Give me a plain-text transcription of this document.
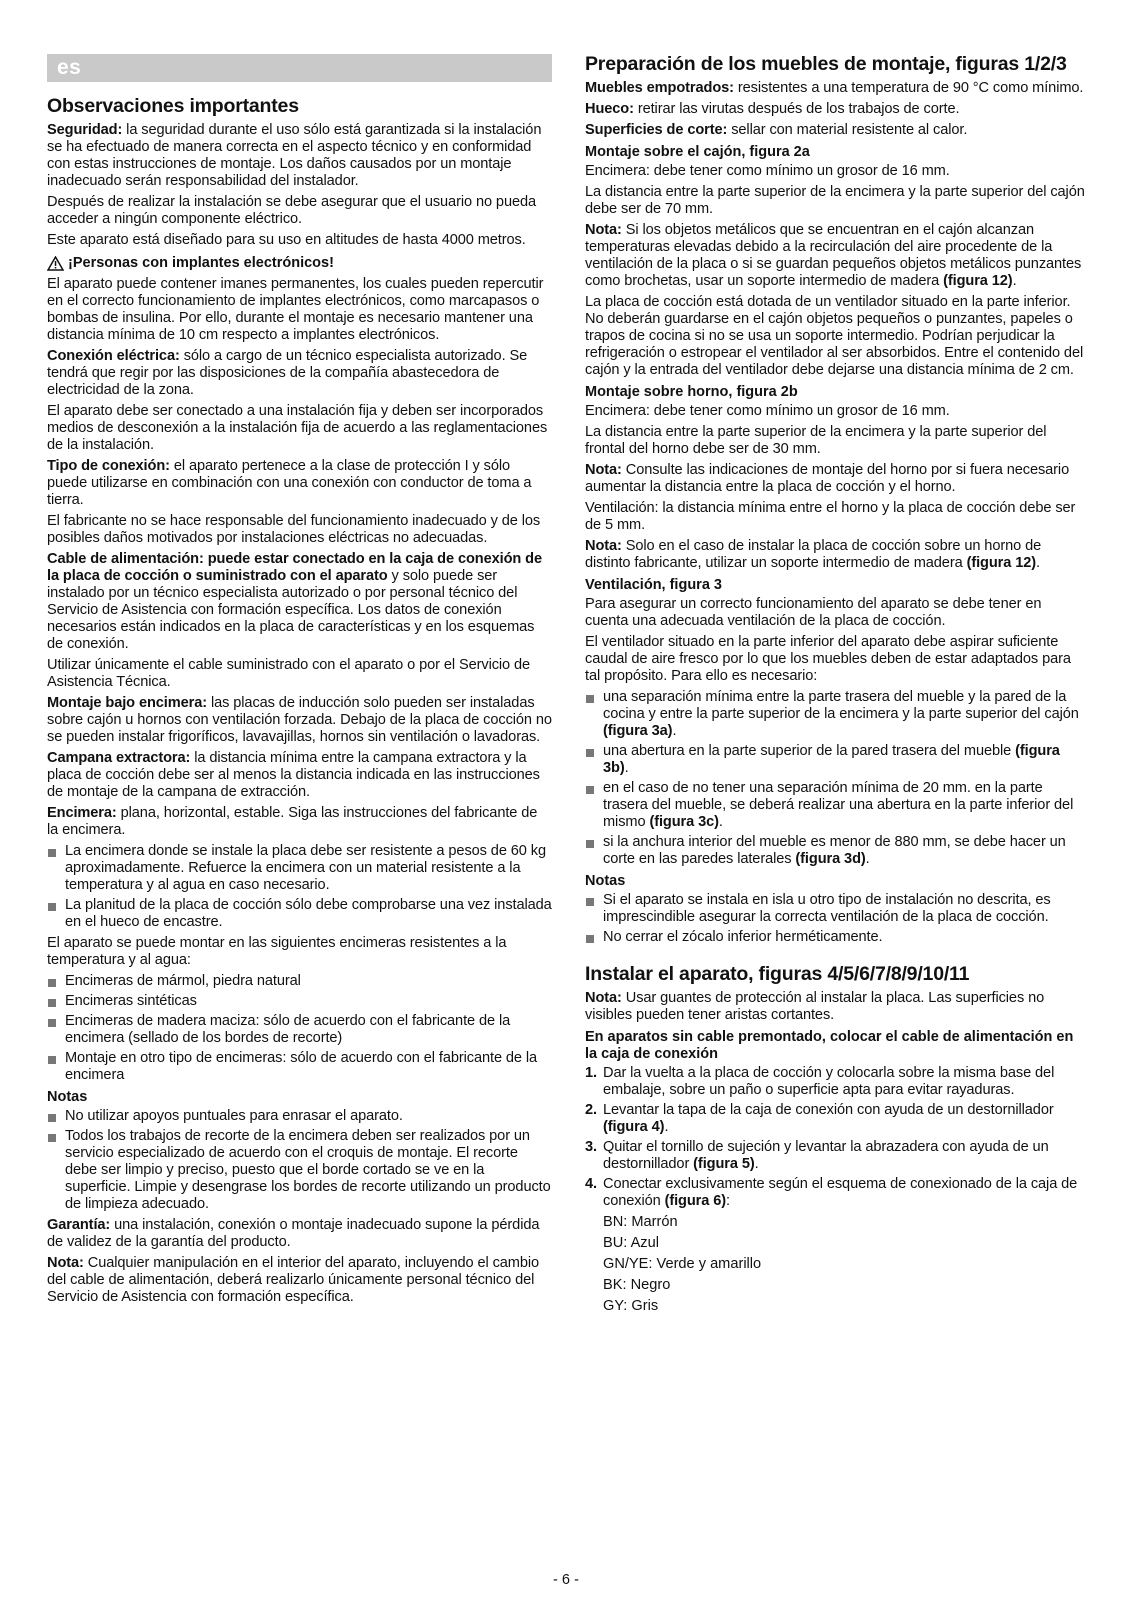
es
Observaciones importantes

Seguridad: la seguridad durante el uso sólo está garantizada si la instalación se ha efectuado de manera correcta en el aspecto técnico y en conformidad con estas instrucciones de montaje. Los daños causados por un montaje inadecuado serán responsabilidad del instalador.

Después de realizar la instalación se debe asegurar que el usuario no pueda acceder a ningún componente eléctrico.

Este aparato está diseñado para su uso en altitudes de hasta 4000 metros.

¡Personas con implantes electrónicos!

El aparato puede contener imanes permanentes, los cuales pueden repercutir en el correcto funcionamiento de implantes electrónicos, como marcapasos o bombas de insulina. Por ello, durante el montaje es necesario mantener una distancia mínima de 10 cm respecto a implantes electrónicos.

Conexión eléctrica: sólo a cargo de un técnico especialista autorizado. Se tendrá que regir por las disposiciones de la compañía abastecedora de electricidad de la zona.

El aparato debe ser conectado a una instalación fija y deben ser incorporados medios de desconexión a la instalación fija de acuerdo a las reglamentaciones de la instalación.

Tipo de conexión: el aparato pertenece a la clase de protección I y sólo puede utilizarse en combinación con una conexión con conductor de toma a tierra.

El fabricante no se hace responsable del funcionamiento inadecuado y de los posibles daños motivados por instalaciones eléctricas no adecuadas.

Cable de alimentación: puede estar conectado en la caja de conexión de la placa de cocción o suministrado con el aparato y solo puede ser instalado por un técnico especialista autorizado o por personal técnico del Servicio de Asistencia con formación específica. Los datos de conexión necesarios están indicados en la placa de características y en los esquemas de conexión.

Utilizar únicamente el cable suministrado con el aparato o por el Servicio de Asistencia Técnica.

Montaje bajo encimera: las placas de inducción solo pueden ser instaladas sobre cajón u hornos con ventilación forzada. Debajo de la placa de cocción no se pueden instalar frigoríficos, lavavajillas, hornos sin ventilación o lavadoras.

Campana extractora: la distancia mínima entre la campana extractora y la placa de cocción debe ser al menos la distancia indicada en las instrucciones de montaje de la campana de extracción.

Encimera: plana, horizontal, estable. Siga las instrucciones del fabricante de la encimera.

La encimera donde se instale la placa debe ser resistente a pesos de 60 kg aproximadamente. Refuerce la encimera con un material resistente a la temperatura y al agua en caso necesario.
La planitud de la placa de cocción sólo debe comprobarse una vez instalada en el hueco de encastre.

El aparato se puede montar en las siguientes encimeras resistentes a la temperatura y al agua:

Encimeras de mármol, piedra natural
Encimeras sintéticas
Encimeras de madera maciza: sólo de acuerdo con el fabricante de la encimera (sellado de los bordes de recorte)
Montaje en otro tipo de encimeras: sólo de acuerdo con el fabricante de la encimera
Notas
No utilizar apoyos puntuales para enrasar el aparato.
Todos los trabajos de recorte de la encimera deben ser realizados por un servicio especializado de acuerdo con el croquis de montaje. El recorte debe ser limpio y preciso, puesto que el borde cortado se ve en la superficie. Limpie y desengrase los bordes de recorte utilizando un producto de limpieza adecuado.

Garantía: una instalación, conexión o montaje inadecuado supone la pérdida de validez de la garantía del producto.

Nota: Cualquier manipulación en el interior del aparato, incluyendo el cambio del cable de alimentación, deberá realizarlo únicamente personal técnico del Servicio de Asistencia con formación específica.

Preparación de los muebles de montaje, figuras 1/2/3

Muebles empotrados: resistentes a una temperatura de 90 °C como mínimo.

Hueco: retirar las virutas después de los trabajos de corte.

Superficies de corte: sellar con material resistente al calor.

Montaje sobre el cajón, figura 2a

Encimera: debe tener como mínimo un grosor de 16 mm.

La distancia entre la parte superior de la encimera y la parte superior del cajón debe ser de 70 mm.

Nota: Si los objetos metálicos que se encuentran en el cajón alcanzan temperaturas elevadas debido a la recirculación del aire procedente de la ventilación de la placa o si se guardan pequeños objetos metálicos punzantes como brochetas, usar un soporte intermedio de madera (figura 12).

La placa de cocción está dotada de un ventilador situado en la parte inferior. No deberán guardarse en el cajón objetos pequeños o punzantes, papeles o trapos de cocina si no se usa un soporte intermedio. Podrían perjudicar la refrigeración o estropear el ventilador al ser absorbidos. Entre el contenido del cajón y la entrada del ventilador debe dejarse una distancia mínima de 2 cm.

Montaje sobre horno, figura 2b

Encimera: debe tener como mínimo un grosor de 16 mm.

La distancia entre la parte superior de la encimera y la parte superior del frontal del horno debe ser de 30 mm.

Nota: Consulte las indicaciones de montaje del horno por si fuera necesario aumentar la distancia entre la placa de cocción y el horno.

Ventilación: la distancia mínima entre el horno y la placa de cocción debe ser de 5 mm.

Nota: Solo en el caso de instalar la placa de cocción sobre un horno de distinto fabricante, utilizar un soporte intermedio de madera (figura 12).

Ventilación, figura 3

Para asegurar un correcto funcionamiento del aparato se debe tener en cuenta una adecuada ventilación de la placa de cocción.

El ventilador situado en la parte inferior del aparato debe aspirar suficiente caudal de aire fresco por lo que los muebles deben de estar adaptados para tal propósito. Para ello es necesario:

una separación mínima entre la parte trasera del mueble y la pared de la cocina y entre la parte superior de la encimera y la parte superior del cajón (figura 3a).
una abertura en la parte superior de la pared trasera del mueble (figura 3b).
en el caso de no tener una separación mínima de 20 mm. en la parte trasera del mueble, se deberá realizar una abertura en la parte inferior del mismo (figura 3c).
si la anchura interior del mueble es menor de 880 mm, se debe hacer un corte en las paredes laterales (figura 3d).
Notas
Si el aparato se instala en isla u otro tipo de instalación no descrita, es imprescindible asegurar la correcta ventilación de la placa de cocción.
No cerrar el zócalo inferior herméticamente.
Instalar el aparato, figuras 4/5/6/7/8/9/10/11

Nota: Usar guantes de protección al instalar la placa. Las superficies no visibles pueden tener aristas cortantes.

En aparatos sin cable premontado, colocar el cable de alimentación en la caja de conexión
1. Dar la vuelta a la placa de cocción y colocarla sobre la misma base del embalaje, sobre un paño o superficie apta para evitar rayaduras.
2. Levantar la tapa de la caja de conexión con ayuda de un destornillador (figura 4).
3. Quitar el tornillo de sujeción y levantar la abrazadera con ayuda de un destornillador (figura 5).
4. Conectar exclusivamente según el esquema de conexionado de la caja de conexión (figura 6):
BN: Marrón
BU: Azul
GN/YE: Verde y amarillo
BK: Negro
GY: Gris
- 6 -
